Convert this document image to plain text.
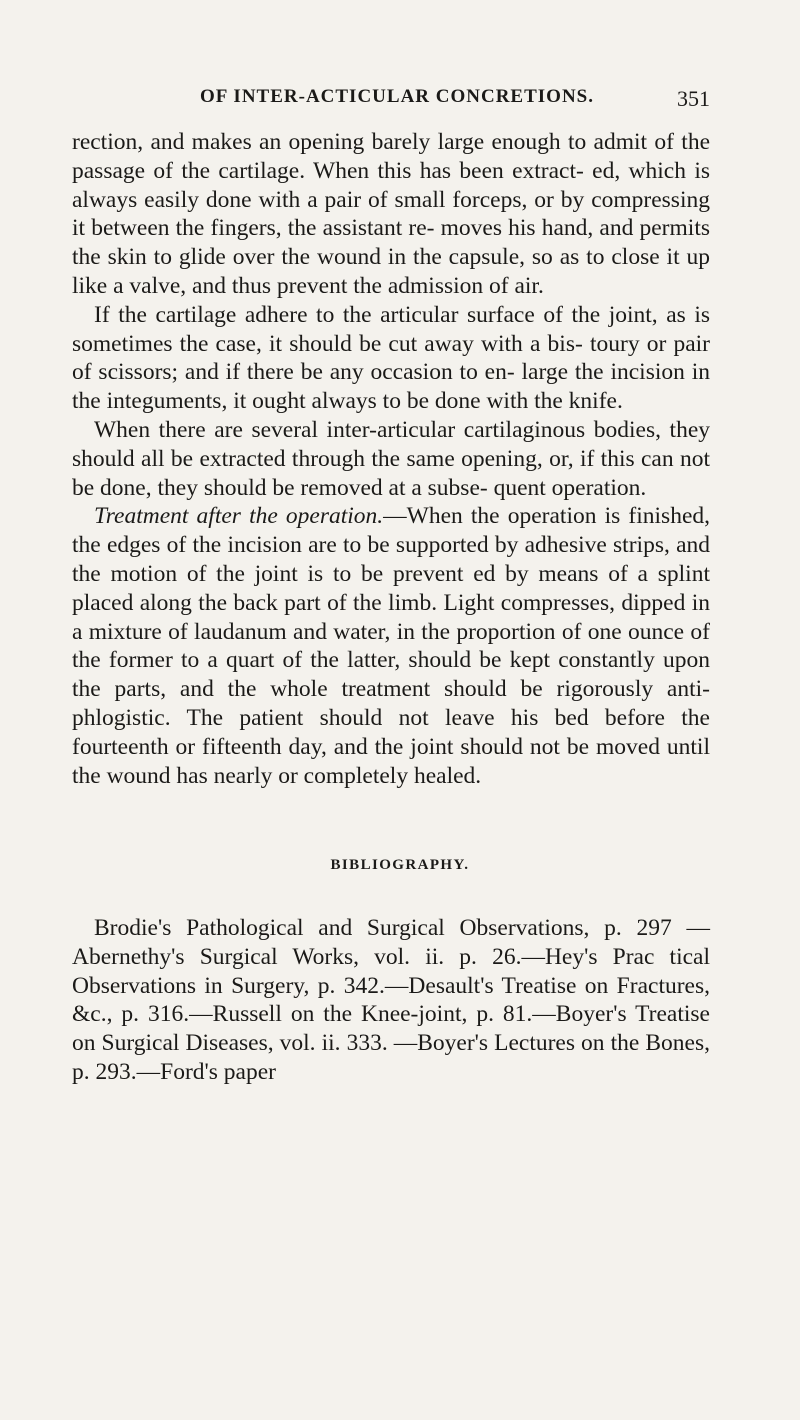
OF INTER-ACTICULAR CONCRETIONS.	351

rection, and makes an opening barely large enough to admit of the passage of the cartilage. When this has been extract- ed, which is always easily done with a pair of small forceps, or by compressing it between the fingers, the assistant re- moves his hand, and permits the skin to glide over the wound in the capsule, so as to close it up like a valve, and thus prevent the admission of air.

If the cartilage adhere to the articular surface of the joint, as is sometimes the case, it should be cut away with a bis- toury or pair of scissors; and if there be any occasion to en- large the incision in the integuments, it ought always to be done with the knife.

When there are several inter-articular cartilaginous bodies, they should all be extracted through the same opening, or, if this can not be done, they should be removed at a subse- quent operation.

Treatment after the operation.—When the operation is finished, the edges of the incision are to be supported by adhesive strips, and the motion of the joint is to be prevent ed by means of a splint placed along the back part of the limb. Light compresses, dipped in a mixture of laudanum and water, in the proportion of one ounce of the former to a quart of the latter, should be kept constantly upon the parts, and the whole treatment should be rigorously anti- phlogistic. The patient should not leave his bed before the fourteenth or fifteenth day, and the joint should not be moved until the wound has nearly or completely healed.

BIBLIOGRAPHY.

Brodie's Pathological and Surgical Observations, p. 297 —Abernethy's Surgical Works, vol. ii. p. 26.—Hey's Prac tical Observations in Surgery, p. 342.—Desault's Treatise on Fractures, &c., p. 316.—Russell on the Knee-joint, p. 81.—Boyer's Treatise on Surgical Diseases, vol. ii. 333. —Boyer's Lectures on the Bones, p. 293.—Ford's paper
